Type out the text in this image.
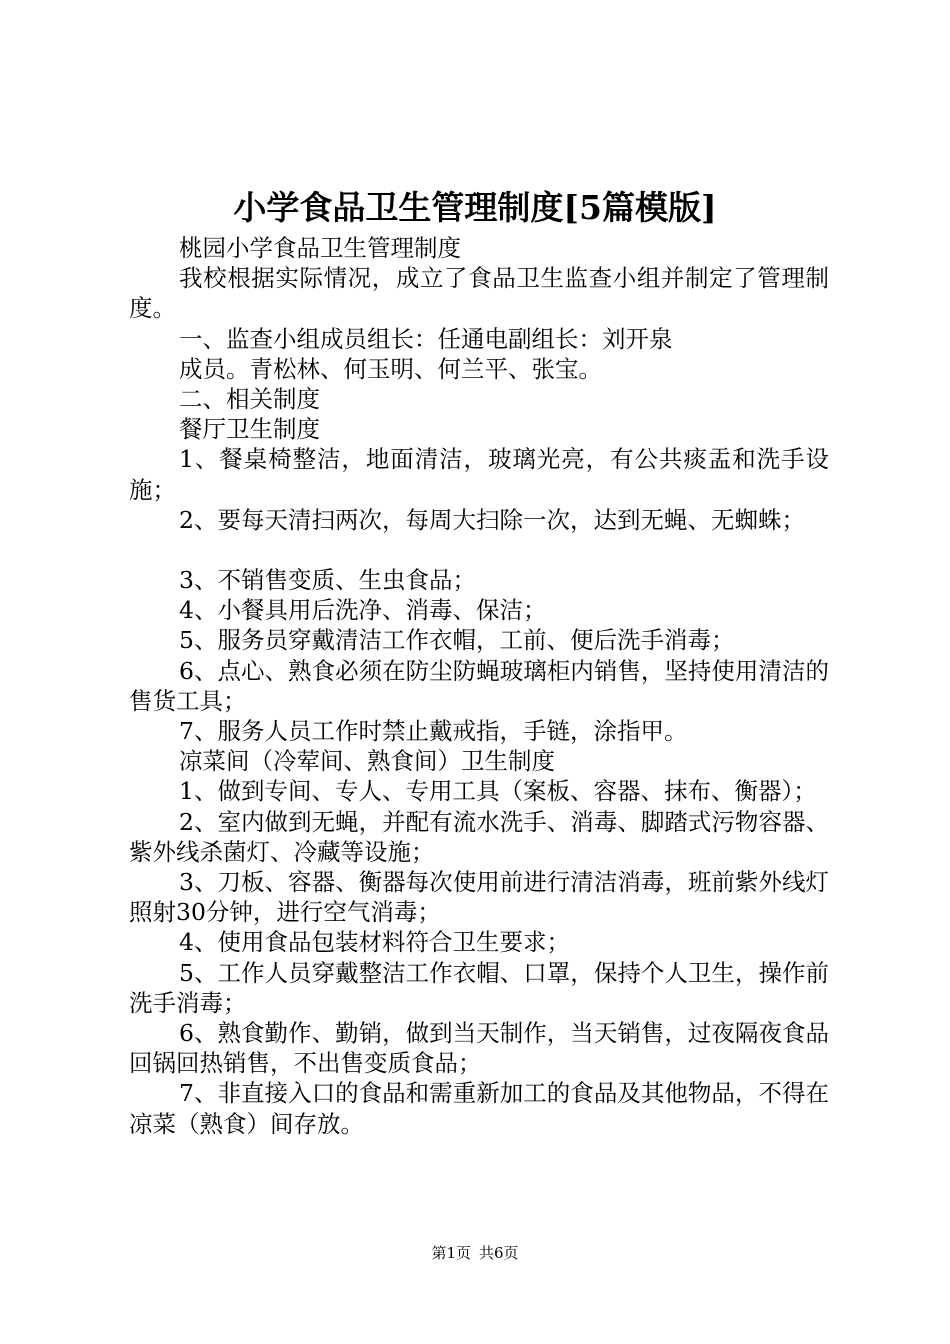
小学食品卫生管理制度[5篇模版]

桃园小学食品卫生管理制度

我校根据实际情况，成立了食品卫生监查小组并制定了管理制度。

一、监查小组成员组长：任通电副组长：刘开泉

成员。青松林、何玉明、何兰平、张宝。

二、相关制度

餐厅卫生制度

1、餐桌椅整洁，地面清洁，玻璃光亮，有公共痰盂和洗手设施；

2、要每天清扫两次，每周大扫除一次，达到无蝇、无蜘蛛；

3、不销售变质、生虫食品；

4、小餐具用后洗净、消毒、保洁；

5、服务员穿戴清洁工作衣帽，工前、便后洗手消毒；

6、点心、熟食必须在防尘防蝇玻璃柜内销售，坚持使用清洁的售货工具；

7、服务人员工作时禁止戴戒指，手链，涂指甲。

凉菜间（冷荤间、熟食间）卫生制度

1、做到专间、专人、专用工具（案板、容器、抹布、衡器）；

2、室内做到无蝇，并配有流水洗手、消毒、脚踏式污物容器、紫外线杀菌灯、冷藏等设施；

3、刀板、容器、衡器每次使用前进行清洁消毒，班前紫外线灯照射30分钟，进行空气消毒；

4、使用食品包装材料符合卫生要求；

5、工作人员穿戴整洁工作衣帽、口罩，保持个人卫生，操作前洗手消毒；

6、熟食勤作、勤销，做到当天制作，当天销售，过夜隔夜食品回锅回热销售，不出售变质食品；

7、非直接入口的食品和需重新加工的食品及其他物品，不得在凉菜（熟食）间存放。

第1页 共6页
